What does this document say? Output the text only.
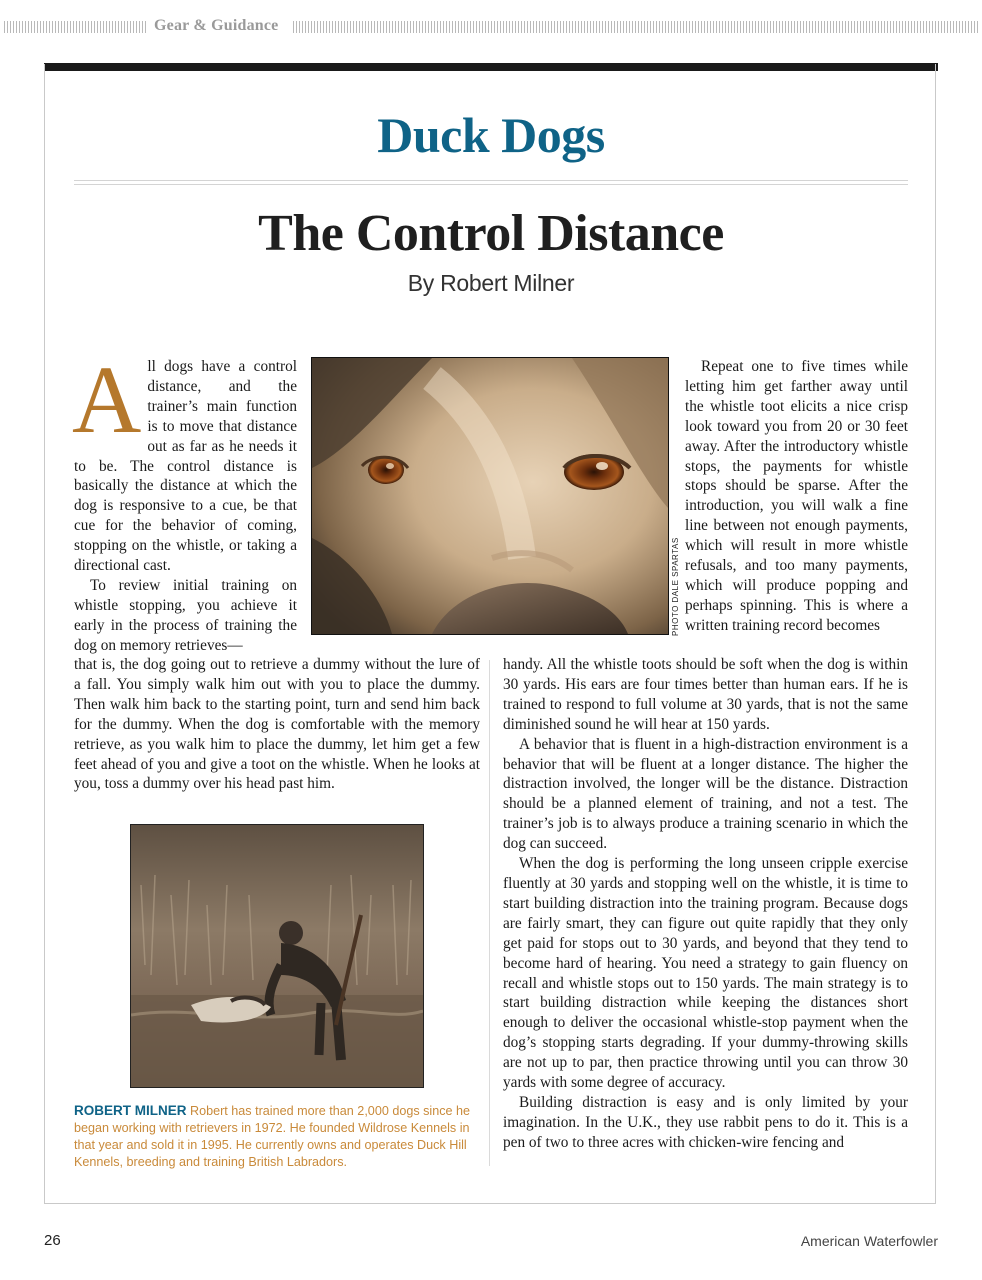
Gear & Guidance
Duck Dogs
The Control Distance
By Robert Milner

All dogs have a control distance, and the trainer’s main function is to move that distance out as far as he needs it to be. The control distance is basically the distance at which the dog is responsive to a cue, be that cue for the behavior of coming, stopping on the whistle, or taking a directional cast.

To review initial training on whistle stopping, you achieve it early in the process of training the dog on memory retrieves—

PHOTO DALE SPARTAS

Repeat one to five times while letting him get farther away until the whistle toot elicits a nice crisp look toward you from 20 or 30 feet away. After the introductory whistle stops, the payments for whistle stops should be sparse. After the introduction, you will walk a fine line between not enough payments, which will result in more whistle refusals, and too many payments, which will produce popping and perhaps spinning. This is where a written training record becomes

that is, the dog going out to retrieve a dummy without the lure of a fall. You simply walk him out with you to place the dummy. Then walk him back to the starting point, turn and send him back for the dummy. When the dog is comfortable with the memory retrieve, as you walk him to place the dummy, let him get a few feet ahead of you and give a toot on the whistle. When he looks at you, toss a dummy over his head past him.

ROBERT MILNER Robert has trained more than 2,000 dogs since he began working with retrievers in 1972. He founded Wildrose Kennels in that year and sold it in 1995. He currently owns and operates Duck Hill Kennels, breeding and training British Labradors.

handy. All the whistle toots should be soft when the dog is within 30 yards. His ears are four times better than human ears. If he is trained to respond to full volume at 30 yards, that is not the same diminished sound he will hear at 150 yards.

A behavior that is fluent in a high-distraction environment is a behavior that will be fluent at a longer distance. The higher the distraction involved, the longer will be the distance. Distraction should be a planned element of training, and not a test. The trainer’s job is to always produce a training scenario in which the dog can succeed.

When the dog is performing the long unseen cripple exercise fluently at 30 yards and stopping well on the whistle, it is time to start building distraction into the training program. Because dogs are fairly smart, they can figure out quite rapidly that they only get paid for stops out to 30 yards, and beyond that they tend to become hard of hearing. You need a strategy to gain fluency on recall and whistle stops out to 150 yards. The main strategy is to start building distraction while keeping the distances short enough to deliver the occasional whistle-stop payment when the dog’s stopping starts degrading. If your dummy-throwing skills are not up to par, then practice throwing until you can throw 30 yards with some degree of accuracy.

Building distraction is easy and is only limited by your imagination. In the U.K., they use rabbit pens to do it. This is a pen of two to three acres with chicken-wire fencing and

26	American Waterfowler
